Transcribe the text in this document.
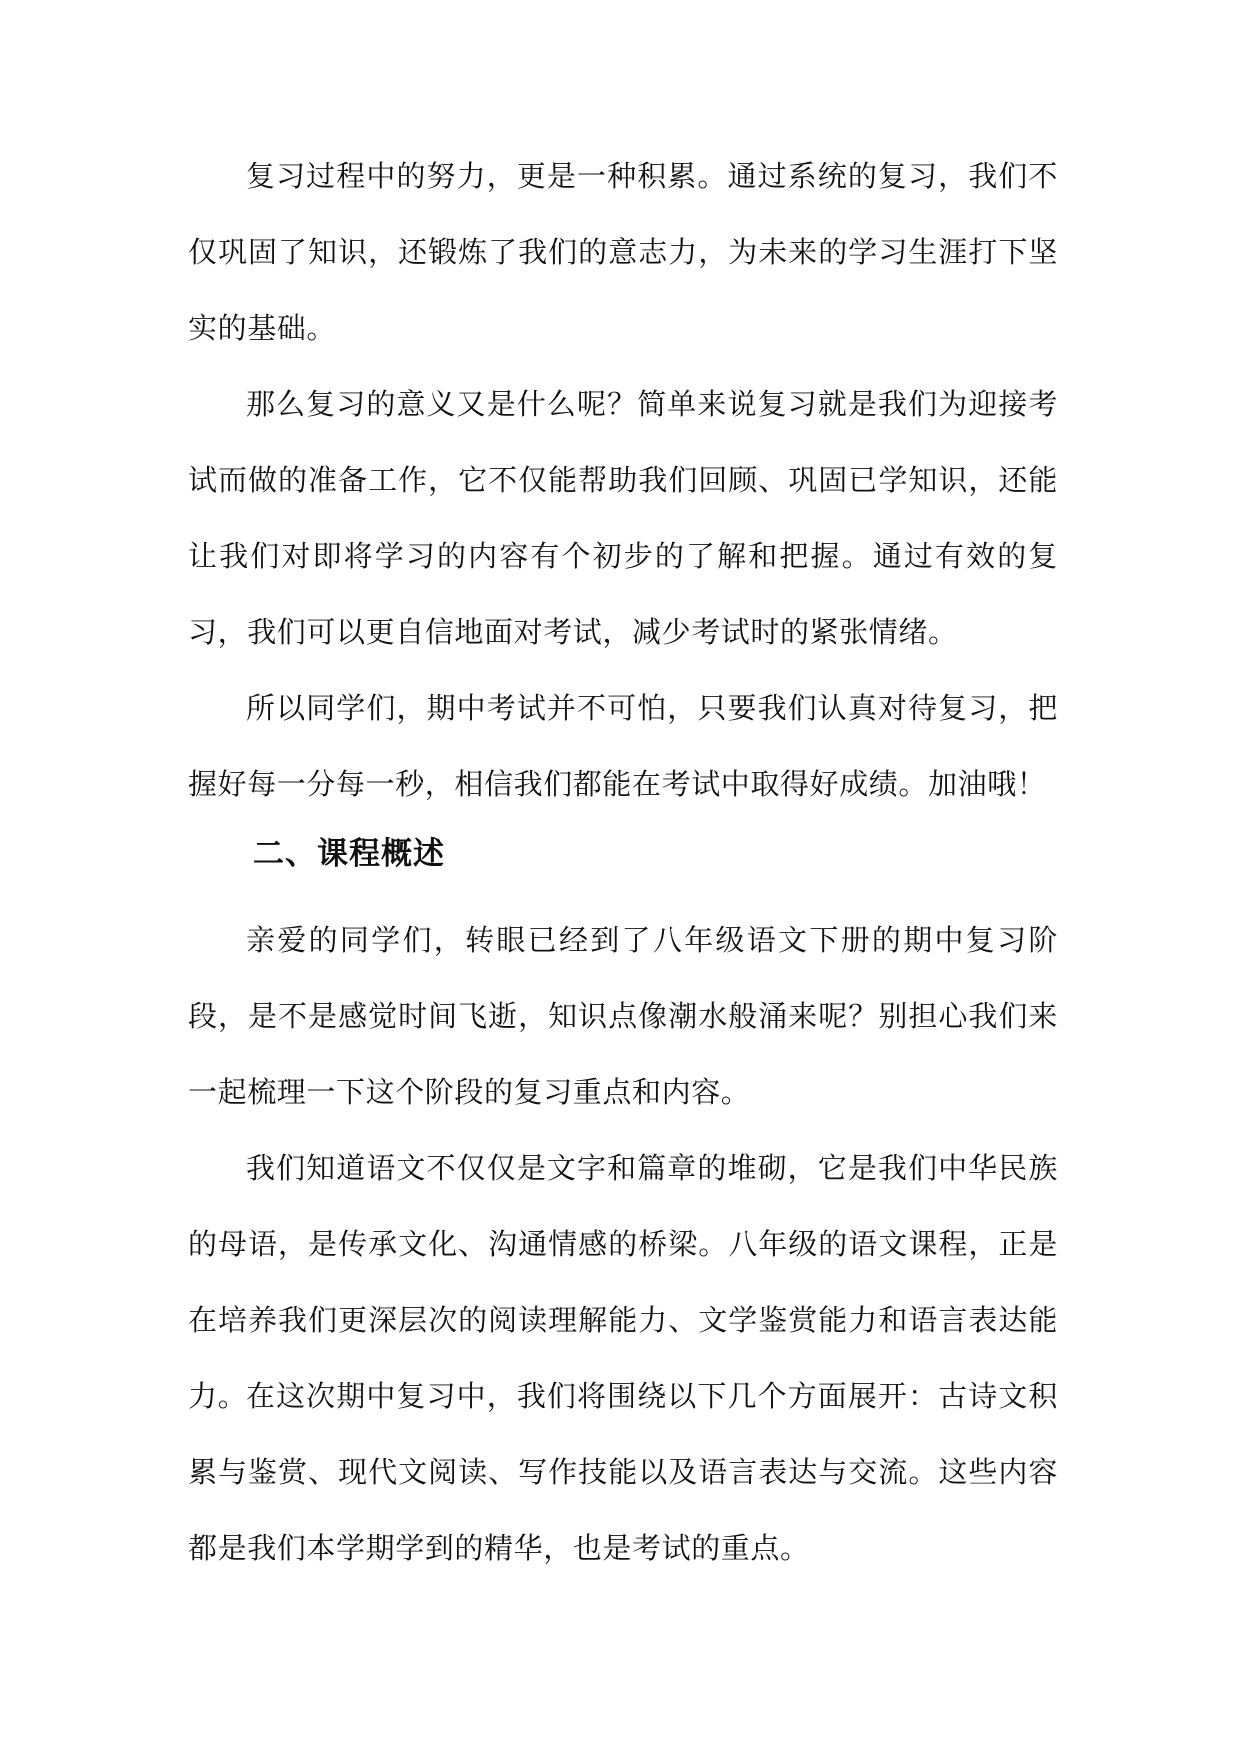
复习过程中的努力，更是一种积累。通过系统的复习，我们不仅巩固了知识，还锻炼了我们的意志力，为未来的学习生涯打下坚实的基础。

那么复习的意义又是什么呢？简单来说复习就是我们为迎接考试而做的准备工作，它不仅能帮助我们回顾、巩固已学知识，还能让我们对即将学习的内容有个初步的了解和把握。通过有效的复习，我们可以更自信地面对考试，减少考试时的紧张情绪。

所以同学们，期中考试并不可怕，只要我们认真对待复习，把握好每一分每一秒，相信我们都能在考试中取得好成绩。加油哦！

二、课程概述

亲爱的同学们，转眼已经到了八年级语文下册的期中复习阶段，是不是感觉时间飞逝，知识点像潮水般涌来呢？别担心我们来一起梳理一下这个阶段的复习重点和内容。

我们知道语文不仅仅是文字和篇章的堆砌，它是我们中华民族的母语，是传承文化、沟通情感的桥梁。八年级的语文课程，正是在培养我们更深层次的阅读理解能力、文学鉴赏能力和语言表达能力。

在这次期中复习中，我们将围绕以下几个方面展开：古诗文积累与鉴赏、现代文阅读、写作技能以及语言表达与交流。这些内容都是我们本学期学到的精华，也是考试的重点。
